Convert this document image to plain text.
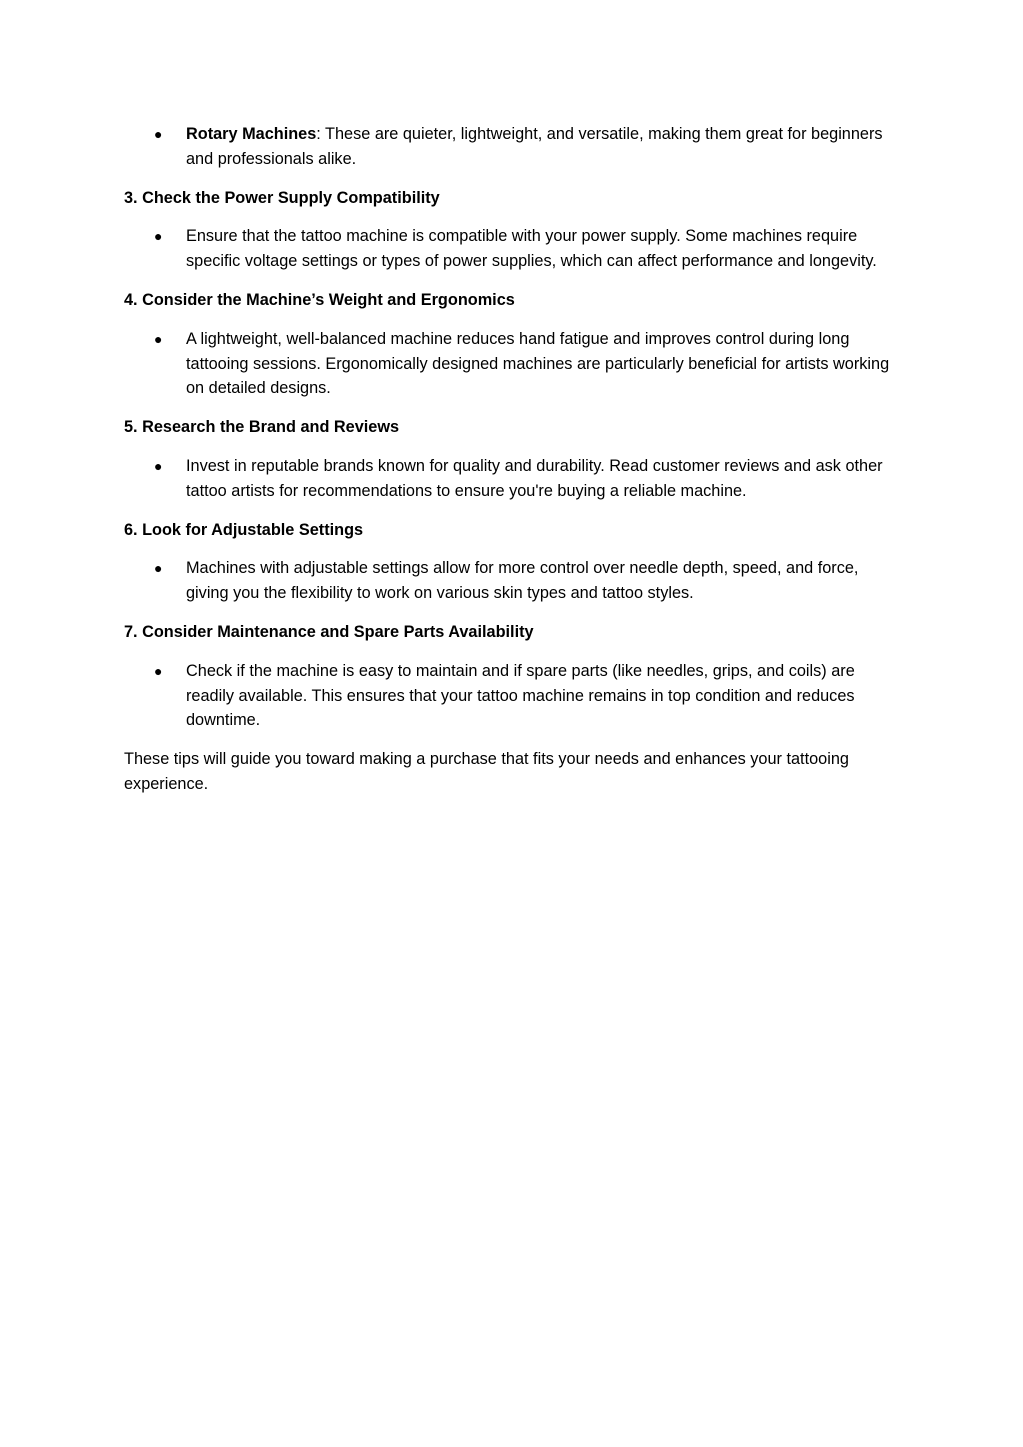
● Rotary Machines: These are quieter, lightweight, and versatile, making them great for beginners and professionals alike.
3. Check the Power Supply Compatibility
● Ensure that the tattoo machine is compatible with your power supply. Some machines require specific voltage settings or types of power supplies, which can affect performance and longevity.
4. Consider the Machine’s Weight and Ergonomics
● A lightweight, well-balanced machine reduces hand fatigue and improves control during long tattooing sessions. Ergonomically designed machines are particularly beneficial for artists working on detailed designs.
5. Research the Brand and Reviews
● Invest in reputable brands known for quality and durability. Read customer reviews and ask other tattoo artists for recommendations to ensure you're buying a reliable machine.
6. Look for Adjustable Settings
● Machines with adjustable settings allow for more control over needle depth, speed, and force, giving you the flexibility to work on various skin types and tattoo styles.
7. Consider Maintenance and Spare Parts Availability
● Check if the machine is easy to maintain and if spare parts (like needles, grips, and coils) are readily available. This ensures that your tattoo machine remains in top condition and reduces downtime.

These tips will guide you toward making a purchase that fits your needs and enhances your tattooing experience.
